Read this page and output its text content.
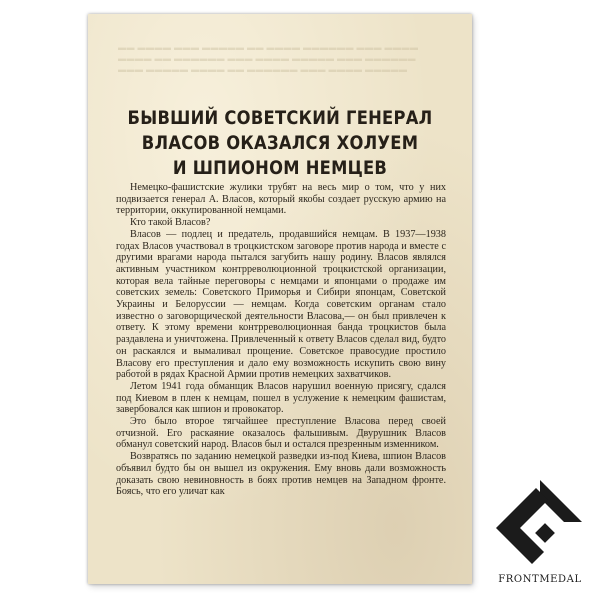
▬▬ ▬▬▬▬ ▬▬▬ ▬▬▬▬▬ ▬▬ ▬▬▬▬ ▬▬▬▬▬▬ ▬▬▬ ▬▬▬▬
▬▬▬▬ ▬▬ ▬▬▬▬▬▬ ▬▬▬ ▬▬▬▬ ▬▬▬▬▬ ▬▬▬ ▬▬▬▬▬▬
▬▬▬ ▬▬▬▬▬ ▬▬▬▬ ▬▬ ▬▬▬▬▬▬ ▬▬▬ ▬▬▬▬ ▬▬▬▬▬
БЫВШИЙ СОВЕТСКИЙ ГЕНЕРАЛ
ВЛАСОВ ОКАЗАЛСЯ ХОЛУЕМ
И ШПИОНОМ НЕМЦЕВ

Немецко-фашистские жулики трубят на весь мир о том, что у них подвизается генерал А. Власов, который якобы создает русскую армию на территории, оккупированной немцами.

Кто такой Власов?

Власов — подлец и предатель, продавшийся немцам. В 1937—1938 годах Власов участвовал в троцкистском заговоре против народа и вместе с другими врагами народа пытался загубить нашу родину. Власов являлся активным участником контрреволюционной троцкистской организации, которая вела тайные переговоры с немцами и японцами о продаже им советских земель: Советского Приморья и Сибири японцам, Советской Украины и Белоруссии — немцам. Когда советским органам стало известно о заговорщической деятельности Власова,— он был привлечен к ответу. К этому времени контрреволюционная банда троцкистов была раздавлена и уничтожена. Привлеченный к ответу Власов сделал вид, будто он раскаялся и вымаливал прощение. Советское правосудие простило Власову его преступления и дало ему возможность искупить свою вину работой в рядах Красной Армии против немецких захватчиков.

Летом 1941 года обманщик Власов нарушил военную присягу, сдался под Киевом в плен к немцам, пошел в услужение к немецким фашистам, завербовался как шпион и провокатор.

Это было второе тягчайшее преступление Власова перед своей отчизной. Его раскаяние оказалось фальшивым. Двурушник Власов обманул советский народ. Власов был и остался презренным изменником.

Возвратясь по заданию немецкой разведки из-под Киева, шпион Власов объявил будто бы он вышел из окружения. Ему вновь дали возможность доказать свою невиновность в боях против немцев на Западном фронте. Боясь, что его уличат как

FRONTMEDAL
